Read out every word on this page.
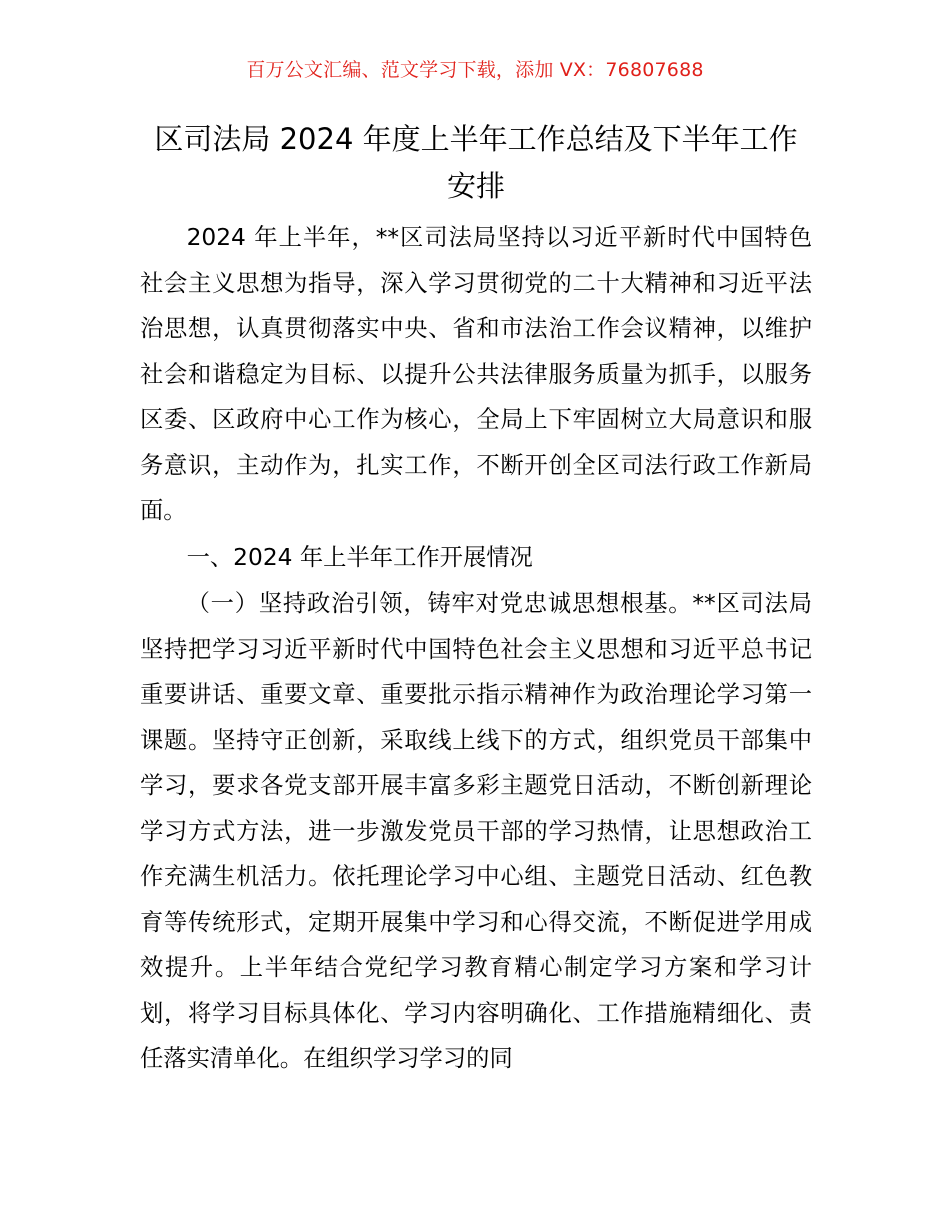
百万公文汇编、范文学习下载，添加 VX：76807688
区司法局 2024 年度上半年工作总结及下半年工作安排

2024 年上半年，**区司法局坚持以习近平新时代中国特色社会主义思想为指导，深入学习贯彻党的二十大精神和习近平法治思想，认真贯彻落实中央、省和市法治工作会议精神，以维护社会和谐稳定为目标、以提升公共法律服务质量为抓手，以服务区委、区政府中心工作为核心，全局上下牢固树立大局意识和服务意识，主动作为，扎实工作，不断开创全区司法行政工作新局面。

一、2024 年上半年工作开展情况

（一）坚持政治引领，铸牢对党忠诚思想根基。**区司法局坚持把学习习近平新时代中国特色社会主义思想和习近平总书记重要讲话、重要文章、重要批示指示精神作为政治理论学习第一课题。坚持守正创新，采取线上线下的方式，组织党员干部集中学习，要求各党支部开展丰富多彩主题党日活动，不断创新理论学习方式方法，进一步激发党员干部的学习热情，让思想政治工作充满生机活力。依托理论学习中心组、主题党日活动、红色教育等传统形式，定期开展集中学习和心得交流，不断促进学用成效提升。上半年结合党纪学习教育精心制定学习方案和学习计划，将学习目标具体化、学习内容明确化、工作措施精细化、责任落实清单化。在组织学习学习的同
